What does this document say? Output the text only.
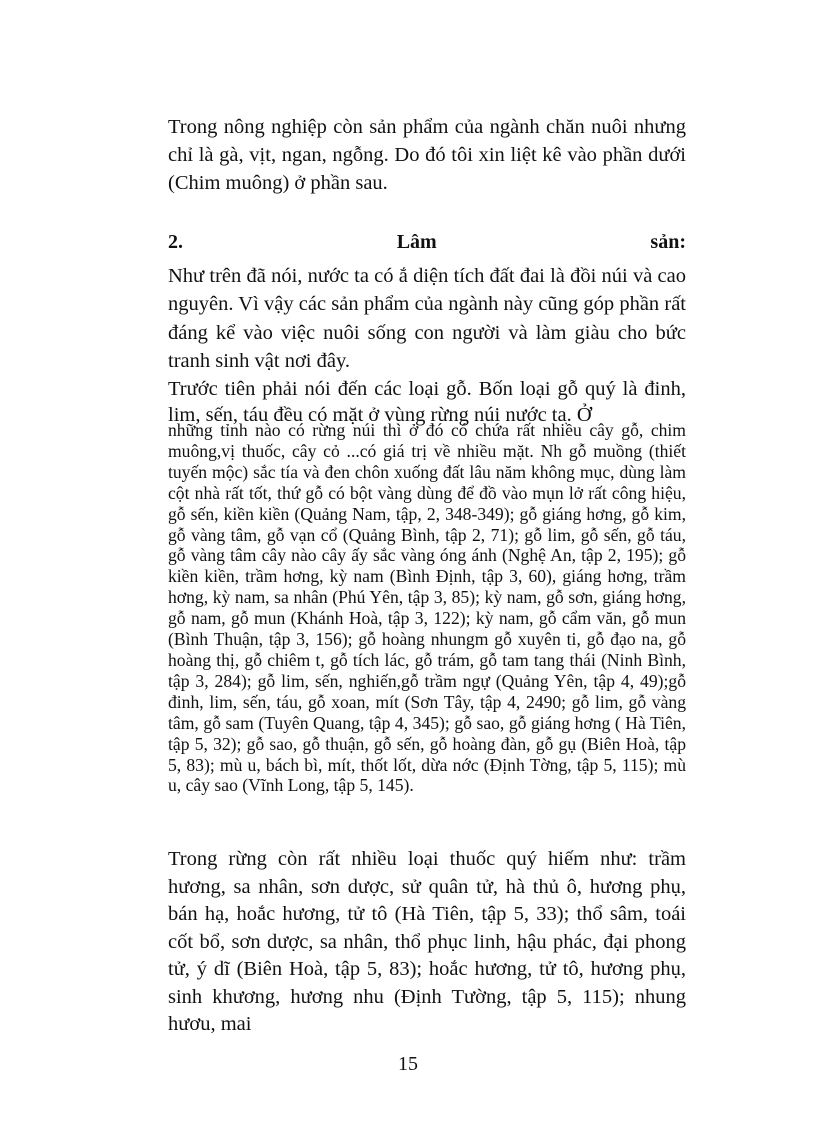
Trong nông nghiệp còn sản phẩm của ngành chăn nuôi nhưng chỉ là gà, vịt, ngan, ngỗng. Do đó tôi xin liệt kê vào phần dưới (Chim muông) ở phần sau.

2.	Lâm	sản:

Như trên đã nói, nước ta có ắ diện tích đất đai là đồi núi và cao nguyên. Vì vậy các sản phẩm của ngành này cũng góp phần rất đáng kể vào việc nuôi sống con người và làm giàu cho bức tranh sinh vật nơi đây.

Trước tiên phải nói đến các loại gỗ. Bốn loại gỗ quý là đinh, lim, sến, táu đều có mặt ở vùng rừng núi nước ta. Ở

những tỉnh nào có rừng núi thì ở đó có chứa rất nhiều cây gỗ, chim muông,vị thuốc, cây cỏ ...có giá trị về nhiều mặt. Nh gỗ muồng (thiết tuyến mộc) sắc tía và đen chôn xuống đất lâu năm không mục, dùng làm cột nhà rất tốt, thứ gỗ có bột vàng dùng để đồ vào mụn lở rất công hiệu, gỗ sến, kiền kiền (Quảng Nam, tập, 2, 348-349); gỗ giáng hơng, gỗ kim, gỗ vàng tâm, gỗ vạn cổ (Quảng Bình, tập 2, 71); gỗ lim, gỗ sến, gỗ táu, gỗ vàng tâm cây nào cây ấy sắc vàng óng ánh (Nghệ An, tập 2, 195); gỗ kiền kiền, trầm hơng, kỳ nam (Bình Định, tập 3, 60), giáng hơng, trầm hơng, kỳ nam, sa nhân (Phú Yên, tập 3, 85); kỳ nam, gỗ sơn, giáng hơng, gỗ nam, gỗ mun (Khánh Hoà, tập 3, 122); kỳ nam, gỗ cẩm văn, gỗ mun (Bình Thuận, tập 3, 156); gỗ hoàng nhungm gỗ xuyên ti, gỗ đạo na, gỗ hoàng thị, gỗ chiêm t, gỗ tích lác, gỗ trám, gỗ tam tang thái (Ninh Bình, tập 3, 284); gỗ lim, sến, nghiến,gỗ trầm ngự (Quảng Yên, tập 4, 49);gỗ đinh, lim, sến, táu, gỗ xoan, mít (Sơn Tây, tập 4, 2490; gỗ lim, gỗ vàng tâm, gỗ sam (Tuyên Quang, tập 4, 345); gỗ sao, gỗ giáng hơng ( Hà Tiên, tập 5, 32); gỗ sao, gỗ thuận, gỗ sến, gỗ hoàng đàn, gỗ gụ (Biên Hoà, tập 5, 83); mù u, bách bì, mít, thốt lốt, dừa nớc (Định Tờng, tập 5, 115); mù u, cây sao (Vĩnh Long, tập 5, 145).

Trong rừng còn rất nhiều loại thuốc quý hiếm như: trầm hương, sa nhân, sơn dược, sử quân tử, hà thủ ô, hương phụ, bán hạ, hoắc hương, tử tô (Hà Tiên, tập 5, 33); thổ sâm, toái cốt bổ, sơn dược, sa nhân, thổ phục linh, hậu phác, đại phong tử, ý dĩ (Biên Hoà, tập 5, 83); hoắc hương, tử tô, hương phụ, sinh khương, hương nhu (Định Tường, tập 5, 115); nhung hươu, mai

15
